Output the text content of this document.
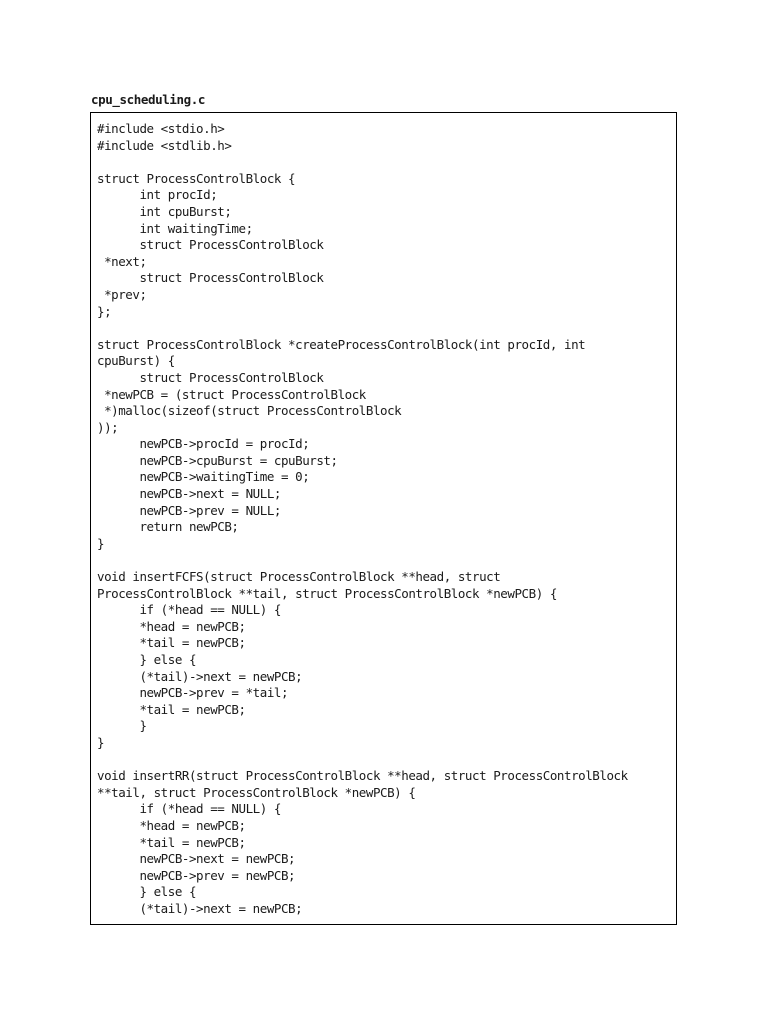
cpu_scheduling.c
#include <stdio.h>
#include <stdlib.h>
struct ProcessControlBlock {
int procId;
int cpuBurst;
int waitingTime;
struct ProcessControlBlock
*next;
struct ProcessControlBlock
*prev;
};
struct ProcessControlBlock *createProcessControlBlock(int procId, int
cpuBurst) {
struct ProcessControlBlock
*newPCB = (struct ProcessControlBlock
*)malloc(sizeof(struct ProcessControlBlock
));
newPCB->procId = procId;
newPCB->cpuBurst = cpuBurst;
newPCB->waitingTime = 0;
newPCB->next = NULL;
newPCB->prev = NULL;
return newPCB;
}
void insertFCFS(struct ProcessControlBlock **head, struct
ProcessControlBlock **tail, struct ProcessControlBlock *newPCB) {
if (*head == NULL) {
*head = newPCB;
*tail = newPCB;
} else {
(*tail)->next = newPCB;
newPCB->prev = *tail;
*tail = newPCB;
}
}
void insertRR(struct ProcessControlBlock **head, struct ProcessControlBlock
**tail, struct ProcessControlBlock *newPCB) {
if (*head == NULL) {
*head = newPCB;
*tail = newPCB;
newPCB->next = newPCB;
newPCB->prev = newPCB;
} else {
(*tail)->next = newPCB;
